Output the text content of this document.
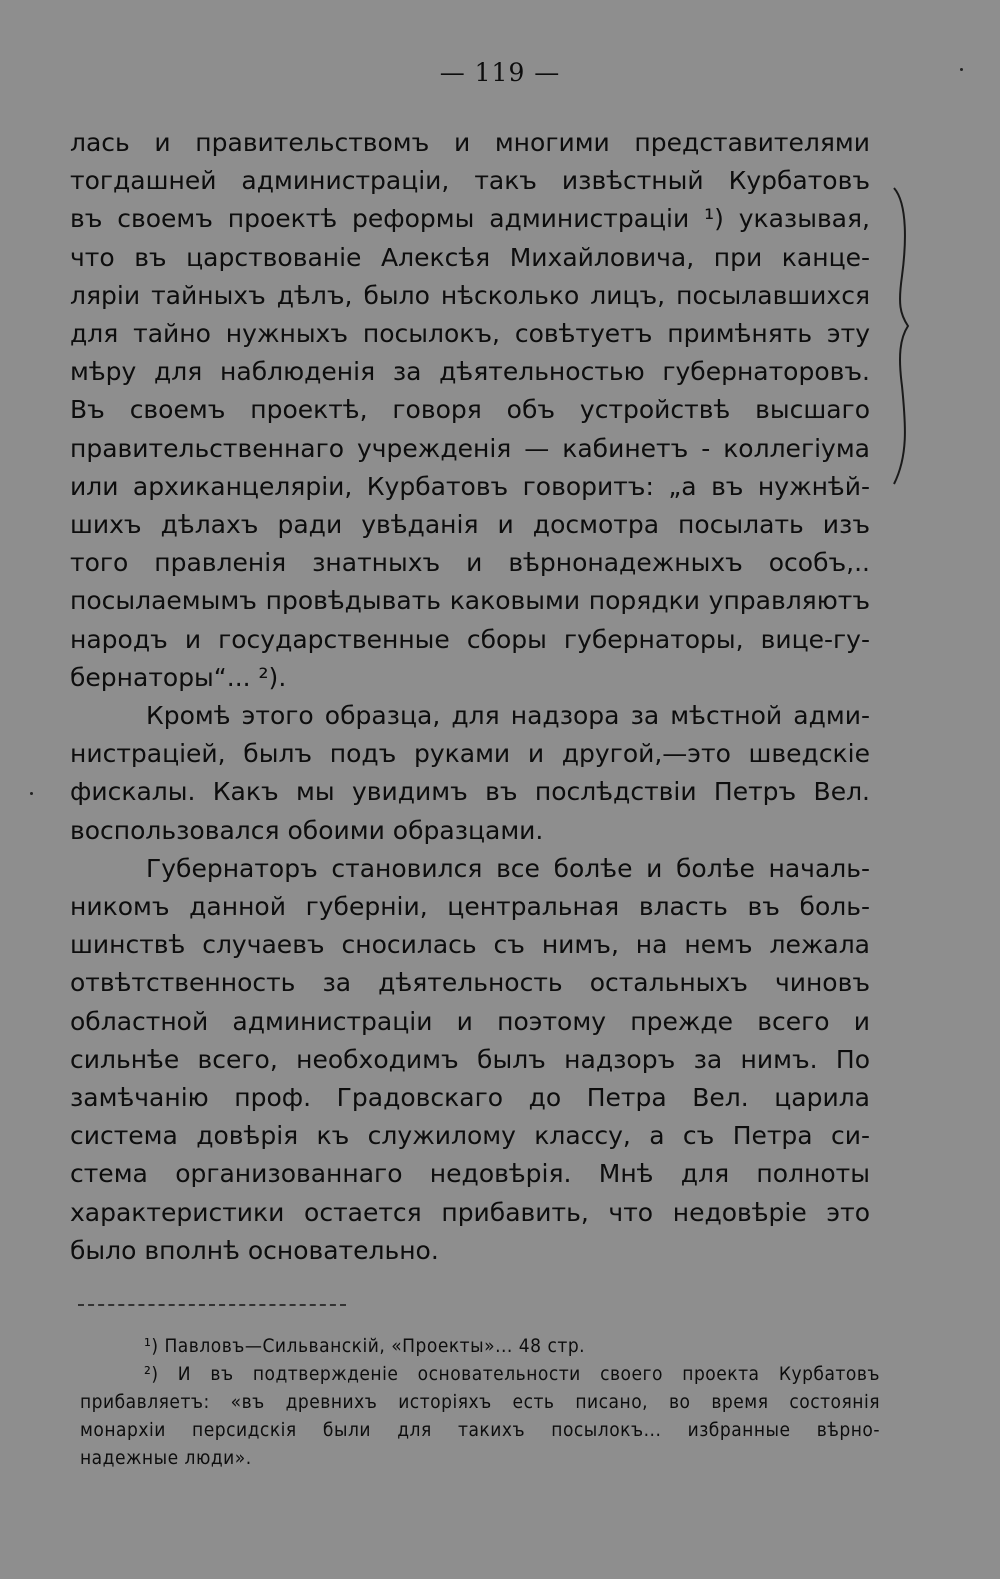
— 119 —
лась и правительствомъ и многими представителями
тогдашней администраціи, такъ извѣстный Курбатовъ
въ своемъ проектѣ реформы администраціи ¹) указывая,
что въ царствованіе Алексѣя Михайловича, при канце-
ляріи тайныхъ дѣлъ, было нѣсколько лицъ, посылавшихся
для тайно нужныхъ посылокъ, совѣтуетъ примѣнять эту
мѣру для наблюденія за дѣятельностью губернаторовъ.
Въ своемъ проектѣ, говоря объ устройствѣ высшаго
правительственнаго учрежденія — кабинетъ - коллегіума
или архиканцеляріи, Курбатовъ говоритъ: „а въ нужнѣй-
шихъ дѣлахъ ради увѣданія и досмотра посылать изъ
того правленія знатныхъ и вѣрнонадежныхъ особъ,..
посылаемымъ провѣдывать каковыми порядки управляютъ
народъ и государственные сборы губернаторы, вице-гу-
бернаторы“... ²).
Кромѣ этого образца, для надзора за мѣстной адми-
нистраціей, былъ подъ руками и другой,—это шведскіе
фискалы. Какъ мы увидимъ въ послѣдствіи Петръ Вел.
воспользовался обоими образцами.
Губернаторъ становился все болѣе и болѣе началь-
никомъ данной губерніи, центральная власть въ боль-
шинствѣ случаевъ сносилась съ нимъ, на немъ лежала
отвѣтственность за дѣятельность остальныхъ чиновъ
областной администраціи и поэтому прежде всего и
сильнѣе всего, необходимъ былъ надзоръ за нимъ. По
замѣчанію проф. Градовскаго до Петра Вел. царила
система довѣрія къ служилому классу, а съ Петра си-
стема организованнаго недовѣрія. Мнѣ для полноты
характеристики остается прибавить, что недовѣріе это
было вполнѣ основательно.
¹) Павловъ—Сильванскій, «Проекты»... 48 стр.
²) И въ подтвержденіе основательности своего проекта Курбатовъ
прибавляетъ: «въ древнихъ исторіяхъ есть писано, во время состоянія
монархіи персидскія были для такихъ посылокъ... избранные вѣрно-
надежные люди».
